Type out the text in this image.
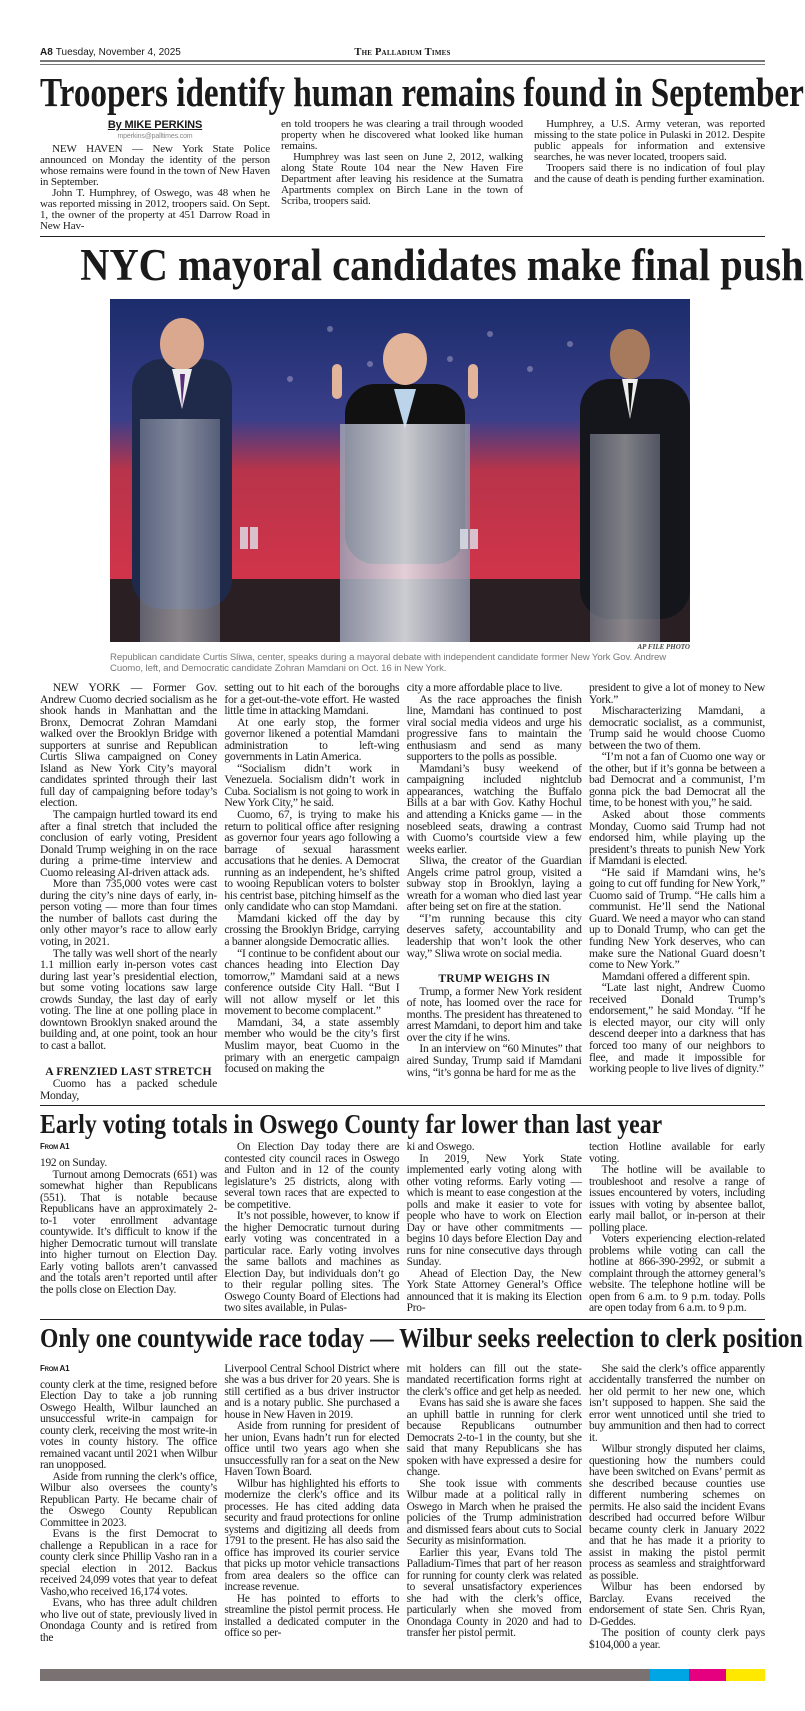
A8 Tuesday, November 4, 2025	The Palladium Times
Troopers identify human remains found in September
By MIKE PERKINS
mperkins@palltimes.com

NEW HAVEN — New York State Police announced on Monday the identity of the person whose remains were found in the town of New Haven in September.

John T. Humphrey, of Oswego, was 48 when he was reported missing in 2012, troopers said. On Sept. 1, the owner of the property at 451 Darrow Road in New Hav-

en told troopers he was clearing a trail through wooded property when he discovered what looked like human remains.

Humphrey was last seen on June 2, 2012, walking along State Route 104 near the New Haven Fire Department after leaving his residence at the Sumatra Apartments complex on Birch Lane in the town of Scriba, troopers said.

Humphrey, a U.S. Army veteran, was reported missing to the state police in Pulaski in 2012. Despite public appeals for information and extensive searches, he was never located, troopers said.

Troopers said there is no indication of foul play and the cause of death is pending further examination.

NYC mayoral candidates make final push
AP FILE PHOTO
Republican candidate Curtis Sliwa, center, speaks during a mayoral debate with independent candidate former New York Gov. Andrew Cuomo, left, and Democratic candidate Zohran Mamdani on Oct. 16 in New York.

NEW YORK — Former Gov. Andrew Cuomo decried socialism as he shook hands in Manhattan and the Bronx, Democrat Zohran Mamdani walked over the Brooklyn Bridge with supporters at sunrise and Republican Curtis Sliwa campaigned on Coney Island as New York City’s mayoral candidates sprinted through their last full day of campaigning before today’s election.

The campaign hurtled toward its end after a final stretch that included the conclusion of early voting, President Donald Trump weighing in on the race during a prime-time interview and Cuomo releasing AI-driven attack ads.

More than 735,000 votes were cast during the city’s nine days of early, in-person voting — more than four times the number of ballots cast during the only other mayor’s race to allow early voting, in 2021.

The tally was well short of the nearly 1.1 million early in-person votes cast during last year’s presidential election, but some voting locations saw large crowds Sunday, the last day of early voting. The line at one polling place in downtown Brooklyn snaked around the building and, at one point, took an hour to cast a ballot.

A FRENZIED LAST STRETCH

Cuomo has a packed schedule Monday,

setting out to hit each of the boroughs for a get-out-the-vote effort. He wasted little time in attacking Mamdani.

At one early stop, the former governor likened a potential Mamdani administration to left-wing governments in Latin America.

“Socialism didn’t work in Venezuela. Socialism didn’t work in Cuba. Socialism is not going to work in New York City,” he said.

Cuomo, 67, is trying to make his return to political office after resigning as governor four years ago following a barrage of sexual harassment accusations that he denies. A Democrat running as an independent, he’s shifted to wooing Republican voters to bolster his centrist base, pitching himself as the only candidate who can stop Mamdani.

Mamdani kicked off the day by crossing the Brooklyn Bridge, carrying a banner alongside Democratic allies.

“I continue to be confident about our chances heading into Election Day tomorrow,” Mamdani said at a news conference outside City Hall. “But I will not allow myself or let this movement to become complacent.”

Mamdani, 34, a state assembly member who would be the city’s first Muslim mayor, beat Cuomo in the primary with an energetic campaign focused on making the

city a more affordable place to live.

As the race approaches the finish line, Mamdani has continued to post viral social media videos and urge his progressive fans to maintain the enthusiasm and send as many supporters to the polls as possible.

Mamdani’s busy weekend of campaigning included nightclub appearances, watching the Buffalo Bills at a bar with Gov. Kathy Hochul and attending a Knicks game — in the nosebleed seats, drawing a contrast with Cuomo’s courtside view a few weeks earlier.

Sliwa, the creator of the Guardian Angels crime patrol group, visited a subway stop in Brooklyn, laying a wreath for a woman who died last year after being set on fire at the station.

“I’m running because this city deserves safety, accountability and leadership that won’t look the other way,” Sliwa wrote on social media.

TRUMP WEIGHS IN

Trump, a former New York resident of note, has loomed over the race for months. The president has threatened to arrest Mamdani, to deport him and take over the city if he wins.

In an interview on “60 Minutes” that aired Sunday, Trump said if Mamdani wins, “it’s gonna be hard for me as the

president to give a lot of money to New York.”

Mischaracterizing Mamdani, a democratic socialist, as a communist, Trump said he would choose Cuomo between the two of them.

“I’m not a fan of Cuomo one way or the other, but if it’s gonna be between a bad Democrat and a communist, I’m gonna pick the bad Democrat all the time, to be honest with you,” he said.

Asked about those comments Monday, Cuomo said Trump had not endorsed him, while playing up the president’s threats to punish New York if Mamdani is elected.

“He said if Mamdani wins, he’s going to cut off funding for New York,” Cuomo said of Trump. “He calls him a communist. He’ll send the National Guard. We need a mayor who can stand up to Donald Trump, who can get the funding New York deserves, who can make sure the National Guard doesn’t come to New York.”

Mamdani offered a different spin.

“Late last night, Andrew Cuomo received Donald Trump’s endorsement,” he said Monday. “If he is elected mayor, our city will only descend deeper into a darkness that has forced too many of our neighbors to flee, and made it impossible for working people to live lives of dignity.”

Early voting totals in Oswego County far lower than last year
From A1

192 on Sunday.

Turnout among Democrats (651) was somewhat higher than Republicans (551). That is notable because Republicans have an approximately 2-to-1 voter enrollment advantage countywide. It’s difficult to know if the higher Democratic turnout will translate into higher turnout on Election Day. Early voting ballots aren’t canvassed and the totals aren’t reported until after the polls close on Election Day.

On Election Day today there are contested city council races in Oswego and Fulton and in 12 of the county legislature’s 25 districts, along with several town races that are expected to be competitive.

It’s not possible, however, to know if the higher Democratic turnout during early voting was concentrated in a particular race. Early voting involves the same ballots and machines as Election Day, but individuals don’t go to their regular polling sites. The Oswego County Board of Elections had two sites available, in Pulas-

ki and Oswego.

In 2019, New York State implemented early voting along with other voting reforms. Early voting — which is meant to ease congestion at the polls and make it easier to vote for people who have to work on Election Day or have other commitments — begins 10 days before Election Day and runs for nine consecutive days through Sunday.

Ahead of Election Day, the New York State Attorney General’s Office announced that it is making its Election Pro-

tection Hotline available for early voting.

The hotline will be available to troubleshoot and resolve a range of issues encountered by voters, including issues with voting by absentee ballot, early mail ballot, or in-person at their polling place.

Voters experiencing election-related problems while voting can call the hotline at 866-390-2992, or submit a complaint through the attorney general’s website. The telephone hotline will be open from 6 a.m. to 9 p.m. today. Polls are open today from 6 a.m. to 9 p.m.

Only one countywide race today — Wilbur seeks reelection to clerk position
From A1

county clerk at the time, resigned before Election Day to take a job running Oswego Health, Wilbur launched an unsuccessful write-in campaign for county clerk, receiving the most write-in votes in county history. The office remained vacant until 2021 when Wilbur ran unopposed.

Aside from running the clerk’s office, Wilbur also oversees the county’s Republican Party. He became chair of the Oswego County Republican Committee in 2023.

Evans is the first Democrat to challenge a Republican in a race for county clerk since Phillip Vasho ran in a special election in 2012. Backus received 24,099 votes that year to defeat Vasho,who received 16,174 votes.

Evans, who has three adult children who live out of state, previously lived in Onondaga County and is retired from the

Liverpool Central School District where she was a bus driver for 20 years. She is still certified as a bus driver instructor and is a notary public. She purchased a house in New Haven in 2019.

Aside from running for president of her union, Evans hadn’t run for elected office until two years ago when she unsuccessfully ran for a seat on the New Haven Town Board.

Wilbur has highlighted his efforts to modernize the clerk’s office and its processes. He has cited adding data security and fraud protections for online systems and digitizing all deeds from 1791 to the present. He has also said the office has improved its courier service that picks up motor vehicle transactions from area dealers so the office can increase revenue.

He has pointed to efforts to streamline the pistol permit process. He installed a dedicated computer in the office so per-

mit holders can fill out the state-mandated recertification forms right at the clerk’s office and get help as needed.

Evans has said she is aware she faces an uphill battle in running for clerk because Republicans outnumber Democrats 2-to-1 in the county, but she said that many Republicans she has spoken with have expressed a desire for change.

She took issue with comments Wilbur made at a political rally in Oswego in March when he praised the policies of the Trump administration and dismissed fears about cuts to Social Security as misinformation.

Earlier this year, Evans told The Palladium-Times that part of her reason for running for county clerk was related to several unsatisfactory experiences she had with the clerk’s office, particularly when she moved from Onondaga County in 2020 and had to transfer her pistol permit.

She said the clerk’s office apparently accidentally transferred the number on her old permit to her new one, which isn’t supposed to happen. She said the error went unnoticed until she tried to buy ammunition and then had to correct it.

Wilbur strongly disputed her claims, questioning how the numbers could have been switched on Evans’ permit as she described because counties use different numbering schemes on permits. He also said the incident Evans described had occurred before Wilbur became county clerk in January 2022 and that he has made it a priority to assist in making the pistol permit process as seamless and straightforward as possible.

Wilbur has been endorsed by Barclay. Evans received the endorsement of state Sen. Chris Ryan, D-Geddes.

The position of county clerk pays $104,000 a year.
